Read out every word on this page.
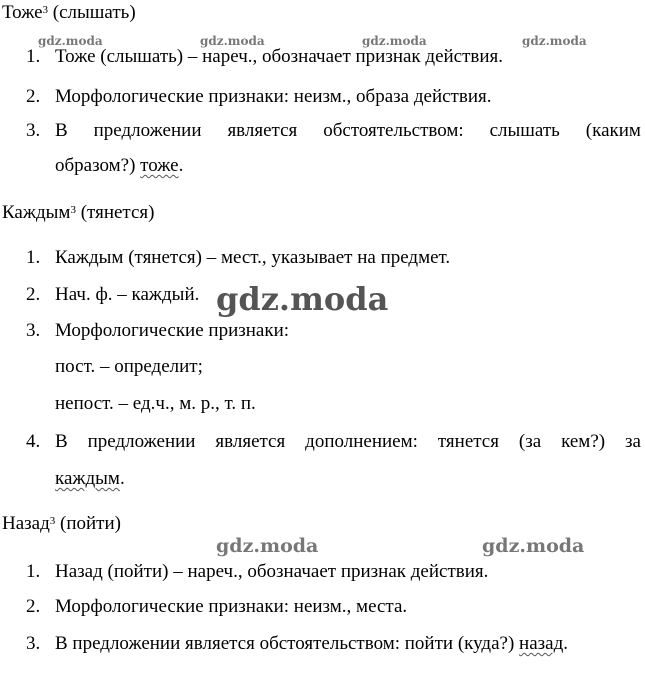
Тоже$^3$ (слышать)
gdz.moda	gdz.moda	gdz.moda	gdz.moda
1. Тоже (слышать) – нареч., обозначает признак действия.
2. Морфологические признаки: неизм., образа действия.
3. В предложении является обстоятельством: слышать (каким
образом?) тоже.
Каждым$^3$ (тянется)
1. Каждым (тянется) – мест., указывает на предмет.
2. Нач. ф. – каждый. gdz.moda
3. Морфологические признаки:
пост. – определит;
непост. – ед.ч., м. р., т. п.
4. В предложении является дополнением: тянется (за кем?) за
каждым.
Назад$^3$ (пойти)
gdz.moda	gdz.moda
1. Назад (пойти) – нареч., обозначает признак действия.
2. Морфологические признаки: неизм., места.
3. В предложении является обстоятельством: пойти (куда?) назад.
